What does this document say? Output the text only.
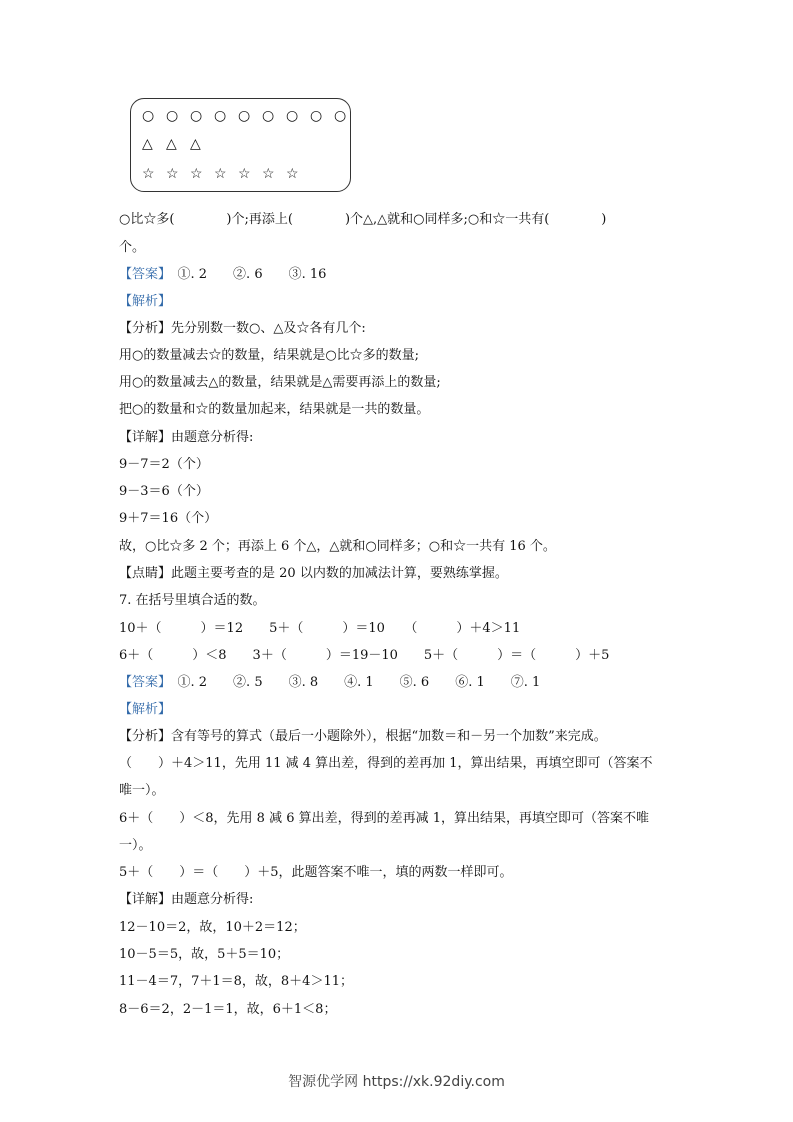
○ ○ ○ ○ ○ ○ ○ ○ ○
△ △ △
☆ ☆ ☆ ☆ ☆ ☆ ☆
○比☆多(　　　　)个;再添上(　　　　)个△,△就和○同样多;○和☆一共有(　　　　)
个。
【答案】　①. 2　　②. 6　　③. 16
【解析】
【分析】先分别数一数○、△及☆各有几个:
用○的数量减去☆的数量，结果就是○比☆多的数量;
用○的数量减去△的数量，结果就是△需要再添上的数量;
把○的数量和☆的数量加起来，结果就是一共的数量。
【详解】由题意分析得:
9－7＝2（个）
9－3＝6（个）
9＋7＝16（个）
故，○比☆多 2 个；再添上 6 个△，△就和○同样多；○和☆一共有 16 个。
【点睛】此题主要考查的是 20 以内数的加减法计算，要熟练掌握。
7. 在括号里填合适的数。
10＋（　　　）＝12　　5＋（　　　）＝10　　（　　　）＋4＞11
6＋（　　　）＜8　　3＋（　　　）＝19－10　　5＋（　　　）＝（　　　）＋5
【答案】　①. 2　　②. 5　　③. 8　　④. 1　　⑤. 6　　⑥. 1　　⑦. 1
【解析】
【分析】含有等号的算式（最后一小题除外），根据“加数＝和－另一个加数”来完成。
（　　）＋4＞11，先用 11 减 4 算出差，得到的差再加 1，算出结果，再填空即可（答案不
唯一）。
6＋（　　）＜8，先用 8 减 6 算出差，得到的差再减 1，算出结果，再填空即可（答案不唯
一）。
5＋（　　）＝（　　）＋5，此题答案不唯一，填的两数一样即可。
【详解】由题意分析得:
12－10＝2，故，10＋2＝12；
10－5＝5，故，5＋5＝10；
11－4＝7，7＋1＝8，故，8＋4＞11；
8－6＝2，2－1＝1，故，6＋1＜8；
智源优学网 https://xk.92diy.com
